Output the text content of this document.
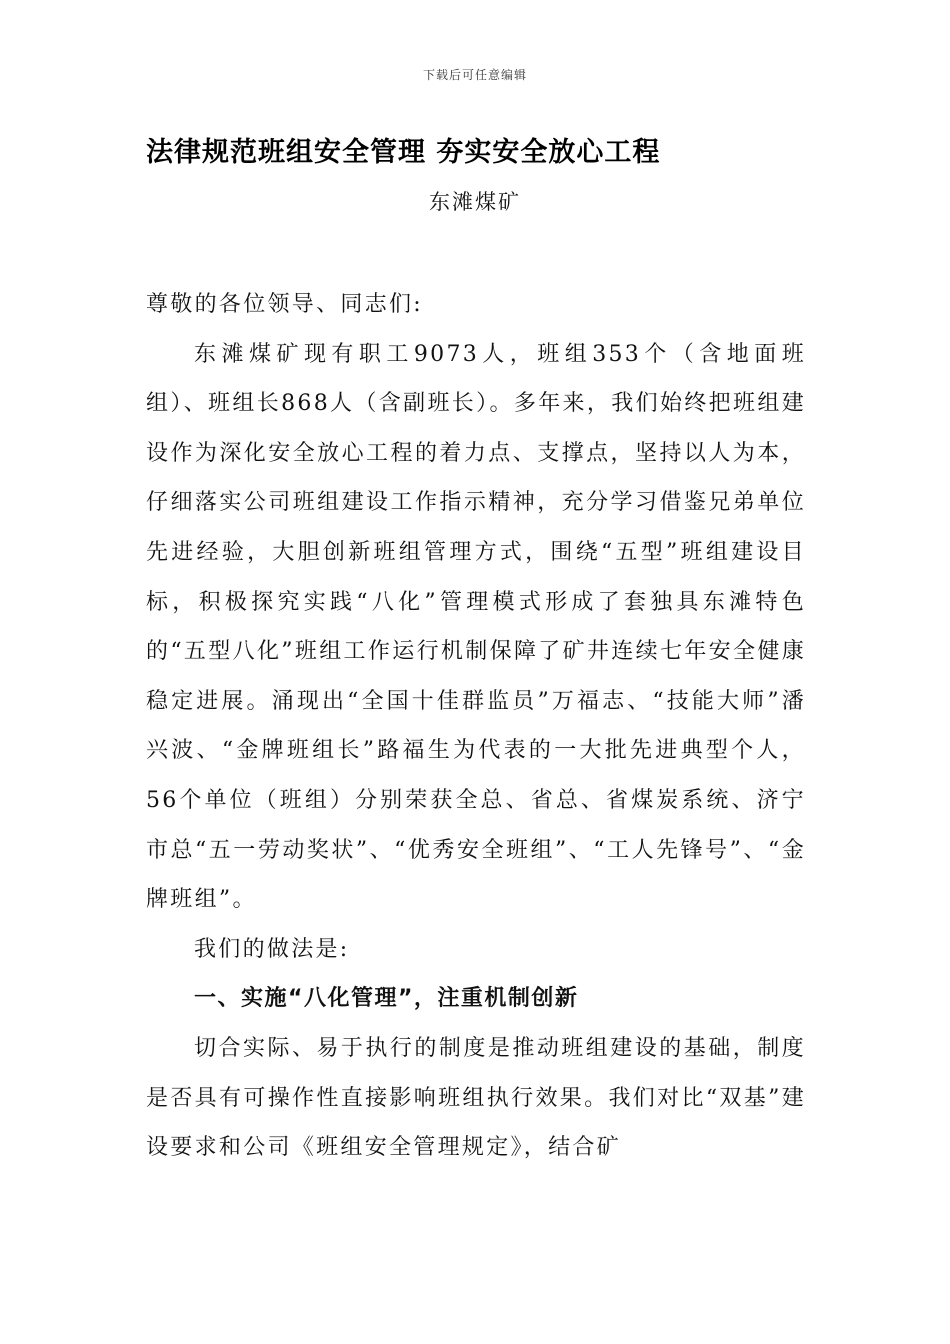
下载后可任意编辑
法律规范班组安全管理 夯实安全放心工程
东滩煤矿

尊敬的各位领导、同志们:

东滩煤矿现有职工9073人，班组353个（含地面班组）、班组长868人（含副班长）。多年来，我们始终把班组建设作为深化安全放心工程的着力点、支撑点，坚持以人为本，仔细落实公司班组建设工作指示精神，充分学习借鉴兄弟单位先进经验，大胆创新班组管理方式，围绕“五型”班组建设目标，积极探究实践“八化”管理模式形成了套独具东滩特色的“五型八化”班组工作运行机制保障了矿井连续七年安全健康稳定进展。涌现出“全国十佳群监员”万福志、“技能大师”潘兴波、“金牌班组长”路福生为代表的一大批先进典型个人，56个单位（班组）分别荣获全总、省总、省煤炭系统、济宁市总“五一劳动奖状”、“优秀安全班组”、“工人先锋号”、“金牌班组”。

我们的做法是:

一、实施“八化管理”，注重机制创新

切合实际、易于执行的制度是推动班组建设的基础，制度是否具有可操作性直接影响班组执行效果。我们对比“双基”建设要求和公司《班组安全管理规定》，结合矿
